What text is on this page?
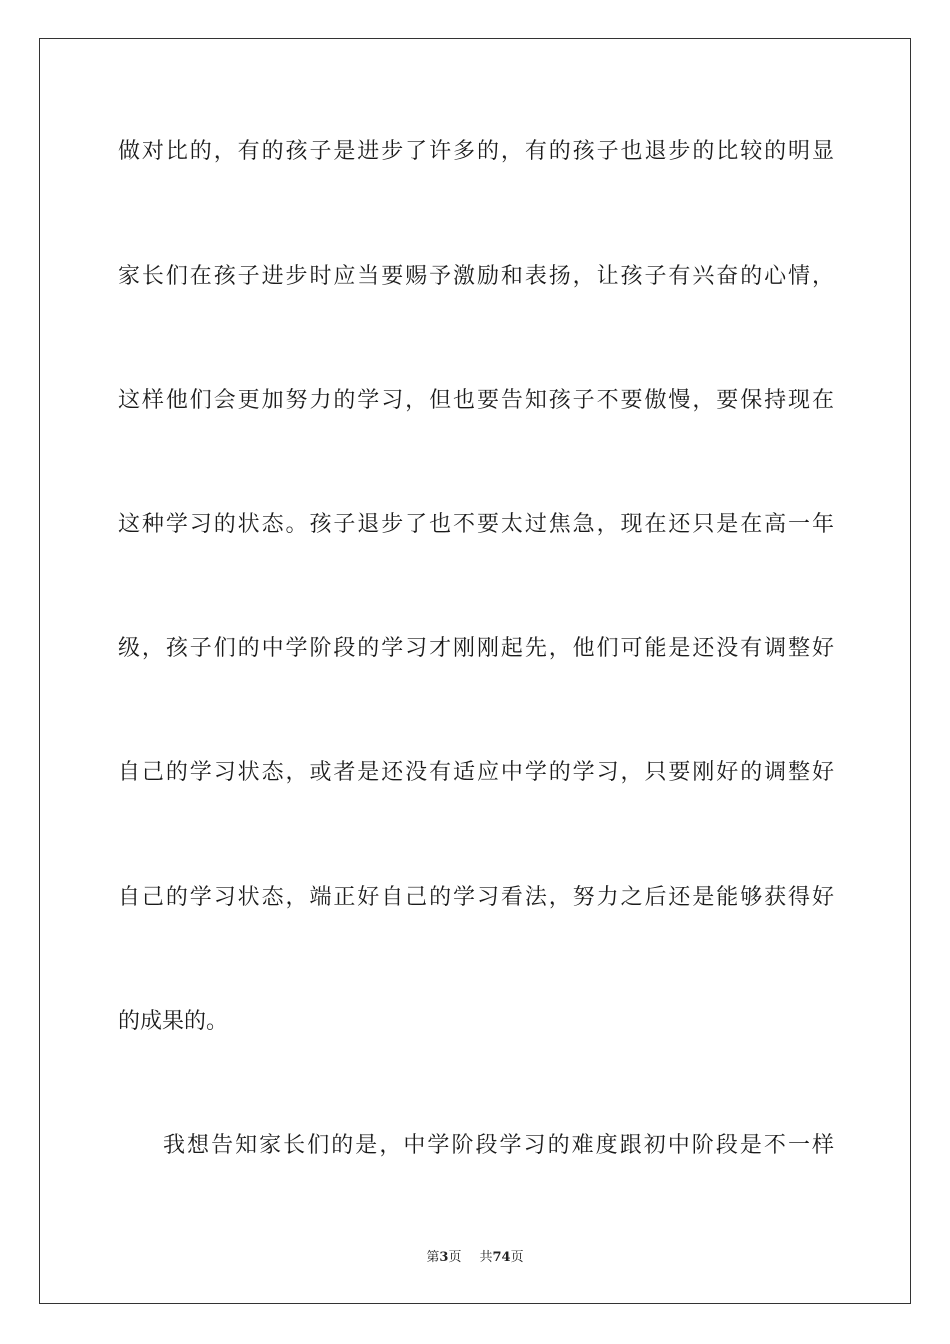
做对比的，有的孩子是进步了许多的，有的孩子也退步的比较的明显
家长们在孩子进步时应当要赐予激励和表扬，让孩子有兴奋的心情，
这样他们会更加努力的学习，但也要告知孩子不要傲慢，要保持现在
这种学习的状态。孩子退步了也不要太过焦急，现在还只是在高一年
级，孩子们的中学阶段的学习才刚刚起先，他们可能是还没有调整好
自己的学习状态，或者是还没有适应中学的学习，只要刚好的调整好
自己的学习状态，端正好自己的学习看法，努力之后还是能够获得好
的成果的。
我想告知家长们的是，中学阶段学习的难度跟初中阶段是不一样
第3页 共74页
